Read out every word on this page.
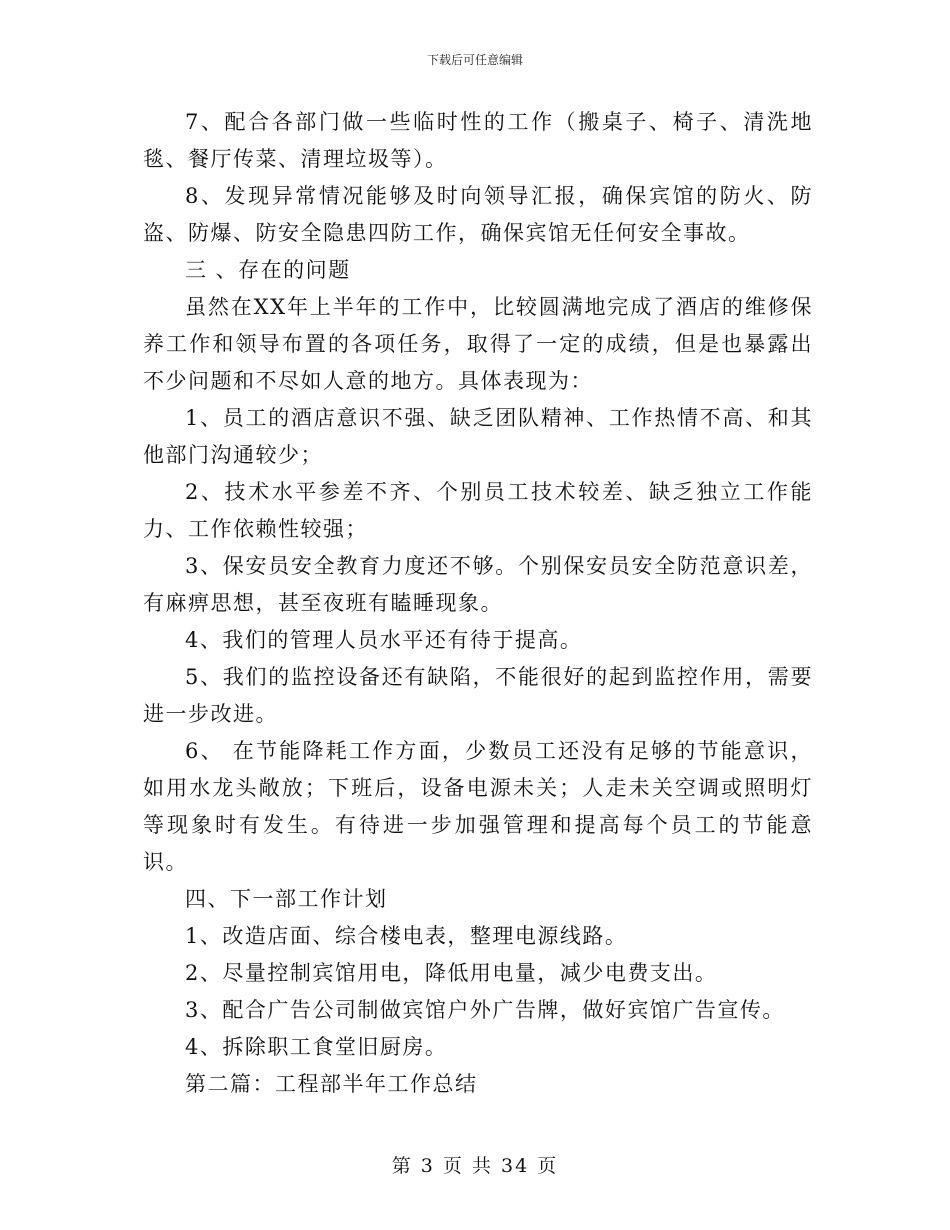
下载后可任意编辑

7、配合各部门做一些临时性的工作（搬桌子、椅子、清洗地毯、餐厅传菜、清理垃圾等）。

8、发现异常情况能够及时向领导汇报，确保宾馆的防火、防盗、防爆、防安全隐患四防工作，确保宾馆无任何安全事故。

三 、存在的问题

虽然在XX年上半年的工作中，比较圆满地完成了酒店的维修保养工作和领导布置的各项任务，取得了一定的成绩，但是也暴露出不少问题和不尽如人意的地方。具体表现为：

1、员工的酒店意识不强、缺乏团队精神、工作热情不高、和其他部门沟通较少；

2、技术水平参差不齐、个别员工技术较差、缺乏独立工作能力、工作依赖性较强；

3、保安员安全教育力度还不够。个别保安员安全防范意识差，有麻痹思想，甚至夜班有瞌睡现象。

4、我们的管理人员水平还有待于提高。

5、我们的监控设备还有缺陷，不能很好的起到监控作用，需要进一步改进。

6、 在节能降耗工作方面，少数员工还没有足够的节能意识，如用水龙头敞放；下班后，设备电源未关；人走未关空调或照明灯等现象时有发生。有待进一步加强管理和提高每个员工的节能意识。

四、下一部工作计划

1、改造店面、综合楼电表，整理电源线路。

2、尽量控制宾馆用电，降低用电量，减少电费支出。

3、配合广告公司制做宾馆户外广告牌，做好宾馆广告宣传。

4、拆除职工食堂旧厨房。

第二篇：工程部半年工作总结

第 3 页 共 34 页
